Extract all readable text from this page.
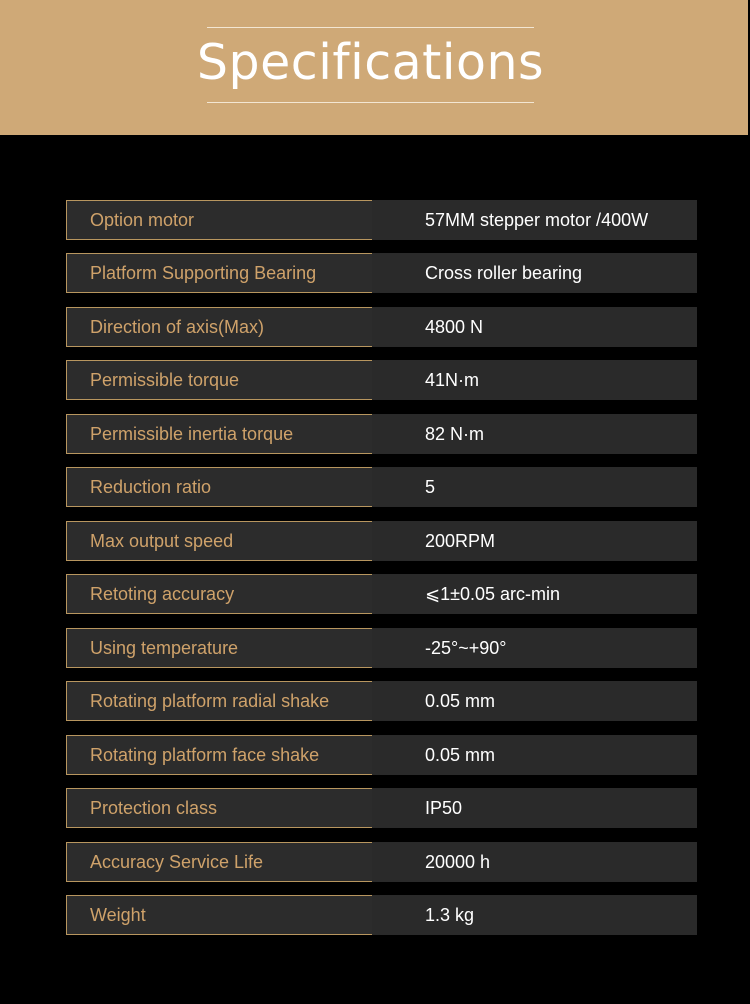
Specifications
Option motor	57MM stepper motor /400W
Platform Supporting Bearing	Cross roller bearing
Direction of axis(Max)	4800 N
Permissible torque	41N·m
Permissible inertia torque	82 N·m
Reduction ratio	5
Max output speed	200RPM
Retoting accuracy	⩽1±0.05 arc-min
Using temperature	-25°~+90°
Rotating platform radial shake	0.05 mm
Rotating platform face shake	0.05 mm
Protection class	IP50
Accuracy Service Life	20000 h
Weight	1.3 kg
